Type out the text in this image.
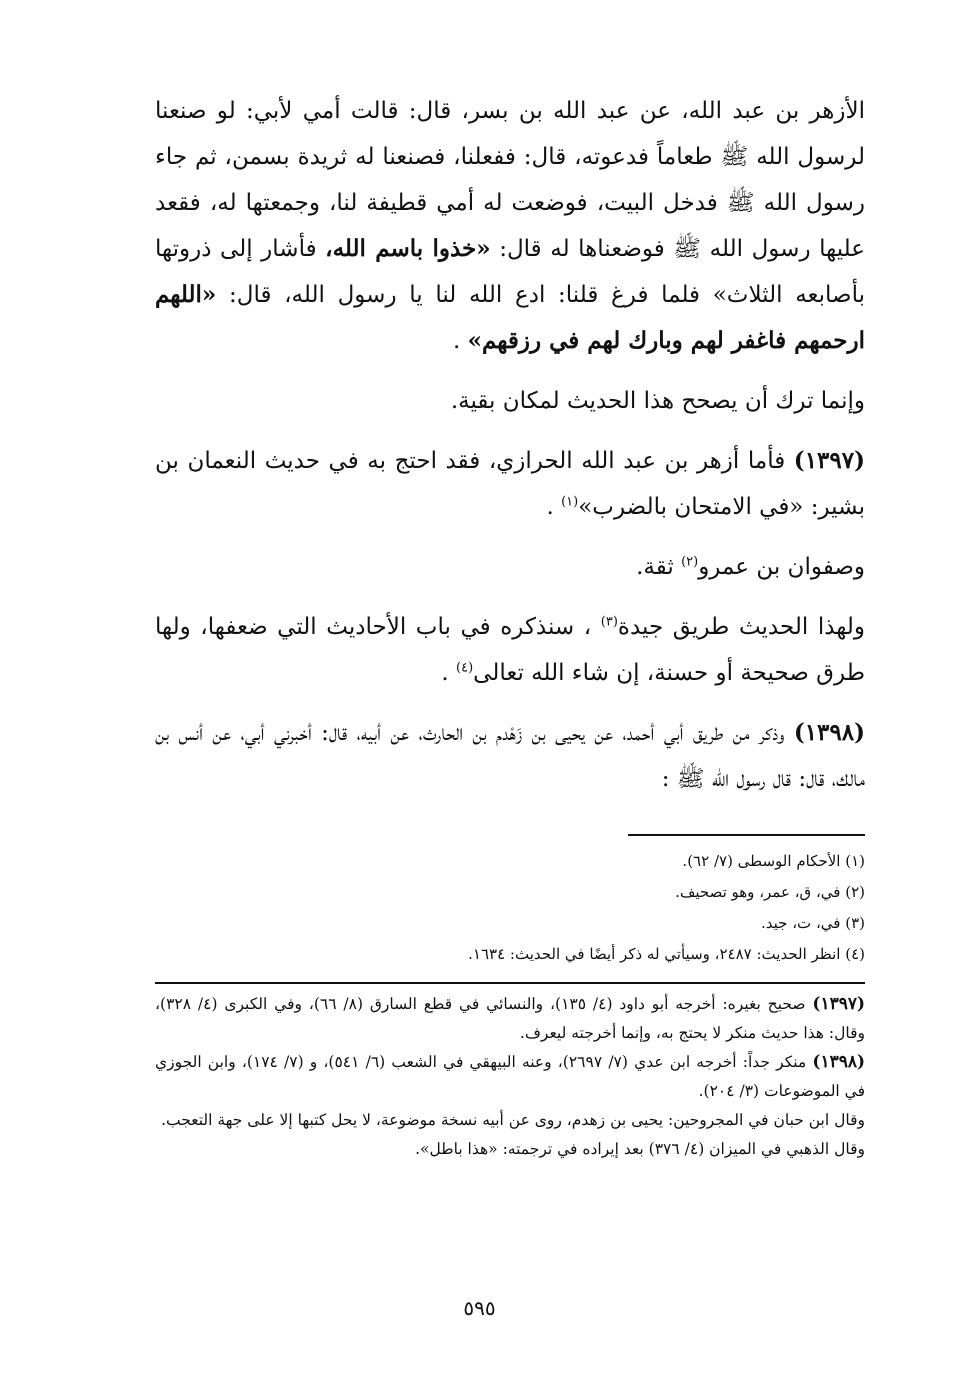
الأزهر بن عبد الله، عن عبد الله بن بسر، قال: قالت أمي لأبي: لو صنعنا لرسول الله ﷺ طعاماً فدعوته، قال: ففعلنا، فصنعنا له ثريدة بسمن، ثم جاء رسول الله ﷺ فدخل البيت، فوضعت له أمي قطيفة لنا، وجمعتها له، فقعد عليها رسول الله ﷺ فوضعناها له قال: «خذوا باسم الله، فأشار إلى ذروتها بأصابعه الثلاث» فلما فرغ قلنا: ادع الله لنا يا رسول الله، قال: «اللهم ارحمهم فاغفر لهم وبارك لهم في رزقهم» .

وإنما ترك أن يصحح هذا الحديث لمكان بقية.

(١٣٩٧) فأما أزهر بن عبد الله الحرازي، فقد احتج به في حديث النعمان بن بشير: «في الامتحان بالضرب»$^{(١)}$ .

وصفوان بن عمرو$^{(٢)}$ ثقة.

ولهذا الحديث طريق جيدة$^{(٣)}$ ، سنذكره في باب الأحاديث التي ضعفها، ولها طرق صحيحة أو حسنة، إن شاء الله تعالى$^{(٤)}$ .

(١٣٩٨) وذكر من طريق أبي أحمد، عن يحيى بن زَهْدم بن الحارث، عن أبيه، قال: أخبرني أبي، عن أنس بن مالك، قال: قال رسول الله ﷺ :

(١) الأحكام الوسطى (٧/ ٦٢).
(٢) في، ق، عمر، وهو تصحيف.
(٣) في، ت، جيد.
(٤) انظر الحديث: ٢٤٨٧، وسيأتي له ذكر أيضًا في الحديث: ١٦٣٤.

(١٣٩٧) صحيح بغيره: أخرجه أبو داود (٤/ ١٣٥)، والنسائي في قطع السارق (٨/ ٦٦)، وفي الكبرى (٤/ ٣٢٨)، وقال: هذا حديث منكر لا يحتج به، وإنما أخرجته ليعرف.

(١٣٩٨) منكر جداً: أخرجه ابن عدي (٧/ ٢٦٩٧)، وعنه البيهقي في الشعب (٦/ ٥٤١)، و (٧/ ١٧٤)، وابن الجوزي في الموضوعات (٣/ ٢٠٤).

وقال ابن حبان في المجروحين: يحيى بن زهدم، روى عن أبيه نسخة موضوعة، لا يحل كتبها إلا على جهة التعجب.

وقال الذهبي في الميزان (٤/ ٣٧٦) بعد إيراده في ترجمته: «هذا باطل».

٥٩٥
